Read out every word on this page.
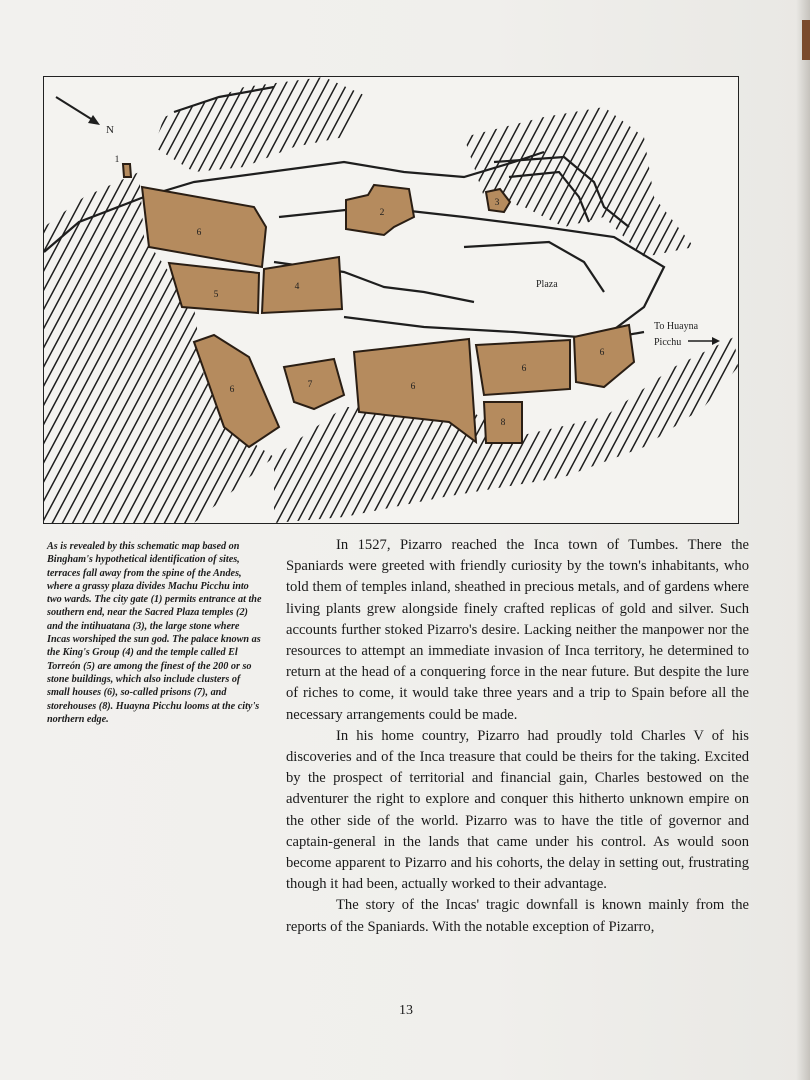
N
1
6
5
4
2
3
6	7	6
6
6
8
Plaza
To Huayna
Picchu
As is revealed by this schematic map based on Bingham's hypothetical identification of sites, terraces fall away from the spine of the Andes, where a grassy plaza divides Machu Picchu into two wards. The city gate (1) permits entrance at the southern end, near the Sacred Plaza temples (2) and the intihuatana (3), the large stone where Incas worshiped the sun god. The palace known as the King's Group (4) and the temple called El Torreón (5) are among the finest of the 200 or so stone buildings, which also include clusters of small houses (6), so-called prisons (7), and storehouses (8). Huayna Picchu looms at the city's northern edge.

In 1527, Pizarro reached the Inca town of Tumbes. There the Spaniards were greeted with friendly curiosity by the town's inhabitants, who told them of temples inland, sheathed in precious metals, and of gardens where living plants grew alongside finely crafted replicas of gold and silver. Such accounts further stoked Pizarro's desire. Lacking neither the manpower nor the resources to attempt an immediate invasion of Inca territory, he determined to return at the head of a conquering force in the near future. But despite the lure of riches to come, it would take three years and a trip to Spain before all the necessary arrangements could be made.

In his home country, Pizarro had proudly told Charles V of his discoveries and of the Inca treasure that could be theirs for the taking. Excited by the prospect of territorial and financial gain, Charles bestowed on the adventurer the right to explore and conquer this hitherto unknown empire on the other side of the world. Pizarro was to have the title of governor and captain-general in the lands that came under his control. As would soon become apparent to Pizarro and his cohorts, the delay in setting out, frustrating though it had been, actually worked to their advantage.

The story of the Incas' tragic downfall is known mainly from the reports of the Spaniards. With the notable exception of Pizarro,

13
